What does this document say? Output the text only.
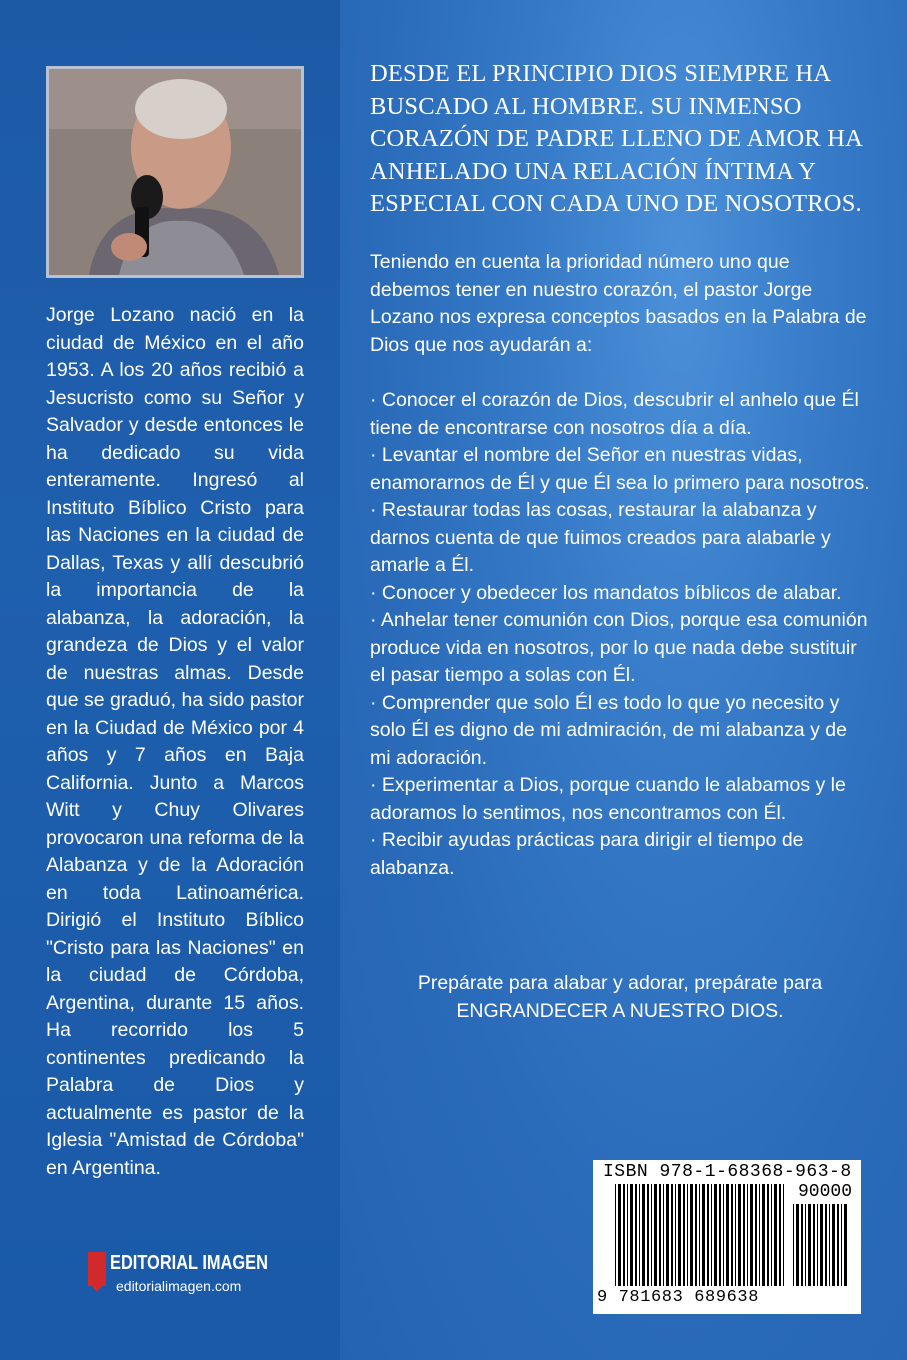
Jorge Lozano nació en la ciudad de México en el año 1953. A los 20 años recibió a Jesucristo como su Señor y Salvador y desde entonces le ha dedicado su vida enteramente. Ingresó al Instituto Bíblico Cristo para las Naciones en la ciudad de Dallas, Texas y allí descubrió la importancia de la alabanza, la adoración, la grandeza de Dios y el valor de nuestras almas. Desde que se graduó, ha sido pastor en la Ciudad de México por 4 años y 7 años en Baja California. Junto a Marcos Witt y Chuy Olivares provocaron una reforma de la Alabanza y de la Adoración en toda Latinoamérica. Dirigió el Instituto Bíblico "Cristo para las Naciones" en la ciudad de Córdoba, Argentina, durante 15 años. Ha recorrido los 5 continentes predicando la Palabra de Dios y actualmente es pastor de la Iglesia "Amistad de Córdoba" en Argentina.

EDITORIAL IMAGEN
editorialimagen.com

DESDE EL PRINCIPIO DIOS SIEMPRE HA BUSCADO AL HOMBRE. SU INMENSO CORAZÓN DE PADRE LLENO DE AMOR HA ANHELADO UNA RELACIÓN ÍNTIMA Y ESPECIAL CON CADA UNO DE NOSOTROS.

Teniendo en cuenta la prioridad número uno que debemos tener en nuestro corazón, el pastor Jorge Lozano nos expresa conceptos basados en la Palabra de Dios que nos ayudarán a:

· Conocer el corazón de Dios, descubrir el anhelo que Él tiene de encontrarse con nosotros día a día.
· Levantar el nombre del Señor en nuestras vidas, enamorarnos de Él y que Él sea lo primero para nosotros.
· Restaurar todas las cosas, restaurar la alabanza y darnos cuenta de que fuimos creados para alabarle y amarle a Él.
· Conocer y obedecer los mandatos bíblicos de alabar.
· Anhelar tener comunión con Dios, porque esa comunión produce vida en nosotros, por lo que nada debe sustituir el pasar tiempo a solas con Él.
· Comprender que solo Él es todo lo que yo necesito y solo Él es digno de mi admiración, de mi alabanza y de mi adoración.
· Experimentar a Dios, porque cuando le alabamos y le adoramos lo sentimos, nos encontramos con Él.
· Recibir ayudas prácticas para dirigir el tiempo de alabanza.

Prepárate para alabar y adorar, prepárate para
ENGRANDECER A NUESTRO DIOS.

ISBN 978-1-68368-963-8
90000
9 781683 689638
